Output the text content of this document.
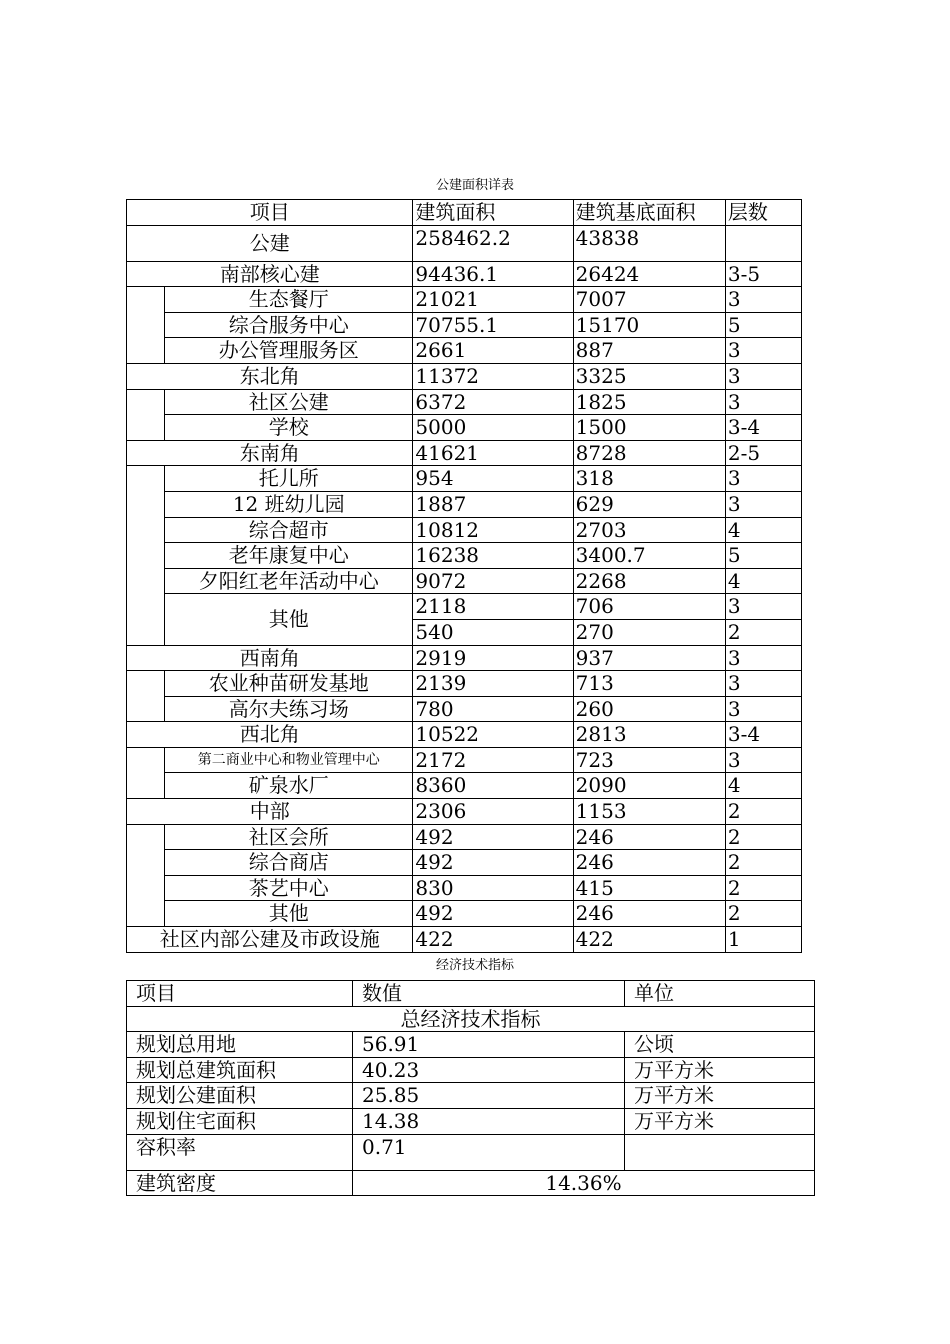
公建面积详表
项目		建筑面积	建筑基底面积	层数
公建		258462.2	43838	
南部核心建		94436.1	26424	3-5
	生态餐厅	21021	7007	3
	综合服务中心	70755.1	15170	5
	办公管理服务区	2661	887	3
东北角		11372	3325	3
	社区公建	6372	1825	3
	学校	5000	1500	3-4
东南角		41621	8728	2-5
	托儿所	954	318	3
	12 班幼儿园	1887	629	3
	综合超市	10812	2703	4
	老年康复中心	16238	3400.7	5
	夕阳红老年活动中心	9072	2268	4
	其他	2118	706	3
		540	270	2
西南角		2919	937	3
	农业种苗研发基地	2139	713	3
	高尔夫练习场	780	260	3
西北角		10522	2813	3-4
	第二商业中心和物业管理中心	2172	723	3
	矿泉水厂	8360	2090	4
中部		2306	1153	2
	社区会所	492	246	2
	综合商店	492	246	2
	茶艺中心	830	415	2
	其他	492	246	2
社区内部公建及市政设施		422	422	1
经济技术指标
项目	数值	单位
总经济技术指标		
规划总用地	56.91	公顷
规划总建筑面积	40.23	万平方米
规划公建面积	25.85	万平方米
规划住宅面积	14.38	万平方米
容积率	0.71	
建筑密度	14.36%	
